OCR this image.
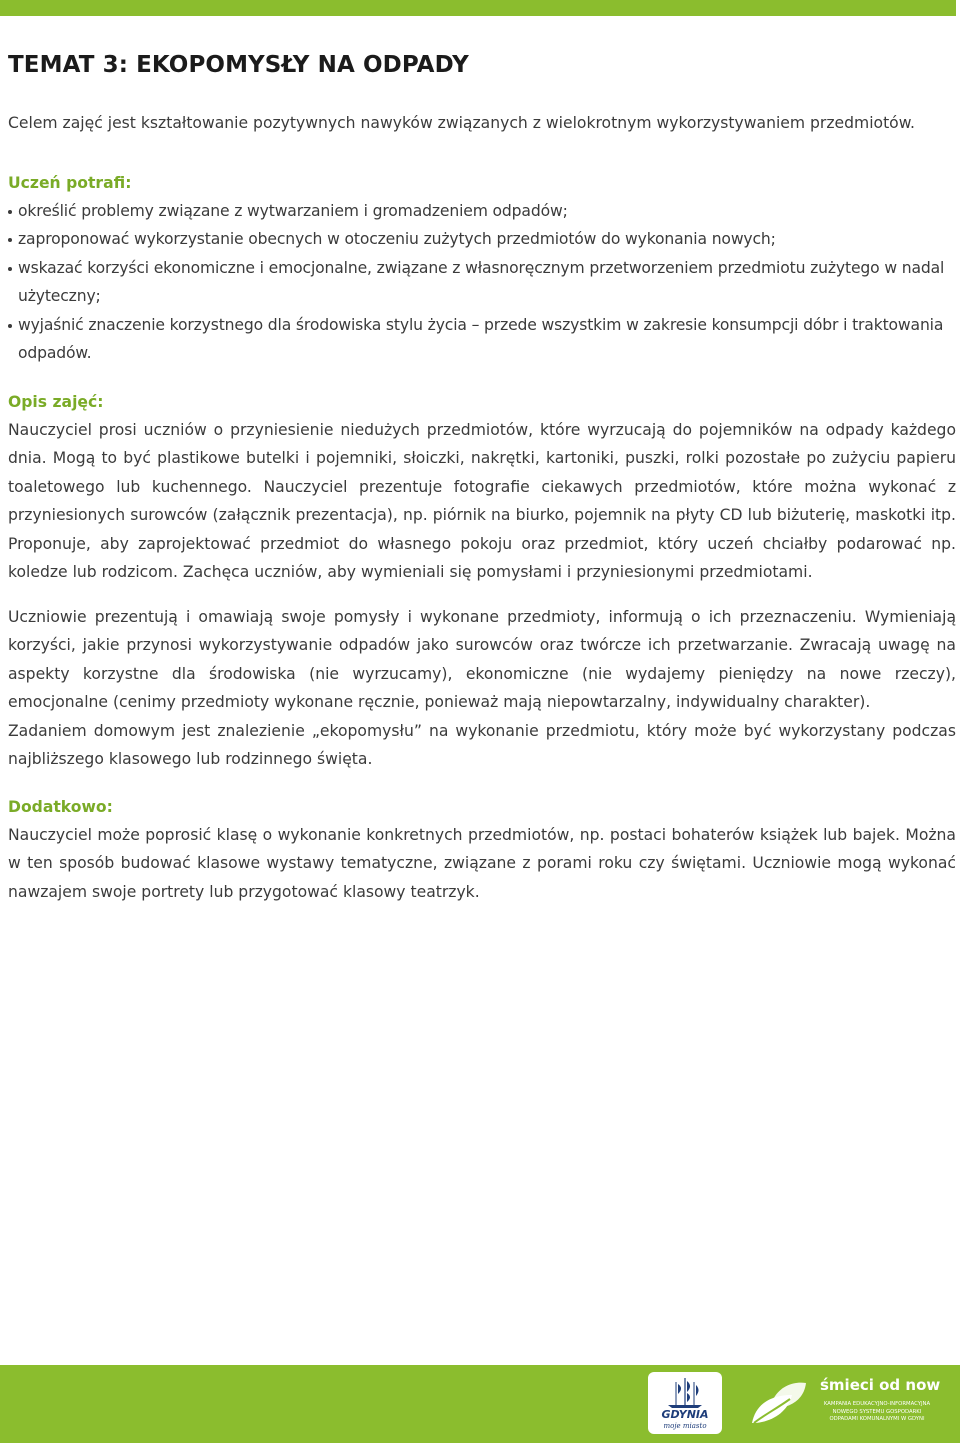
TEMAT 3: EKOPOMYSŁY NA ODPADY

Celem zajęć jest kształtowanie pozytywnych nawyków związanych z wielokrotnym wykorzystywaniem przedmiotów.

Uczeń potrafi:

określić problemy związane z wytwarzaniem i gromadzeniem odpadów;
zaproponować wykorzystanie obecnych w otoczeniu zużytych przedmiotów do wykonania nowych;
wskazać korzyści ekonomiczne i emocjonalne, związane z własnoręcznym przetworzeniem przedmiotu zużytego w nadal użyteczny;
wyjaśnić znaczenie korzystnego dla środowiska stylu życia – przede wszystkim w zakresie konsumpcji dóbr i traktowania odpadów.

Opis zajęć:

Nauczyciel prosi uczniów o przyniesienie niedużych przedmiotów, które wyrzucają do pojemników na odpady każdego dnia. Mogą to być plastikowe butelki i pojemniki, słoiczki, nakrętki, kartoniki, puszki, rolki pozostałe po zużyciu papieru toaletowego lub kuchennego. Nauczyciel prezentuje fotografie ciekawych przedmiotów, które można wykonać z przyniesionych surowców (załącznik prezentacja), np. piórnik na biurko, pojemnik na płyty CD lub biżuterię, maskotki itp. Proponuje, aby zaprojektować przedmiot do własnego pokoju oraz przedmiot, który uczeń chciałby podarować np. koledze lub rodzicom. Zachęca uczniów, aby wymieniali się pomysłami i przyniesionymi przedmiotami.

Uczniowie prezentują i omawiają swoje pomysły i wykonane przedmioty, informują o ich przeznaczeniu. Wymieniają korzyści, jakie przynosi wykorzystywanie odpadów jako surowców oraz twórcze ich przetwarzanie. Zwracają uwagę na aspekty korzystne dla środowiska (nie wyrzucamy), ekonomiczne (nie wydajemy pieniędzy na nowe rzeczy), emocjonalne (cenimy przedmioty wykonane ręcznie, ponieważ mają niepowtarzalny, indywidualny charakter).

Zadaniem domowym jest znalezienie „ekopomysłu” na wykonanie przedmiotu, który może być wykorzystany podczas najbliższego klasowego lub rodzinnego święta.

Dodatkowo:

Nauczyciel może poprosić klasę o wykonanie konkretnych przedmiotów, np. postaci bohaterów książek lub bajek. Można w ten sposób budować klasowe wystawy tematyczne, związane z porami roku czy świętami. Uczniowie mogą wykonać nawzajem swoje portrety lub przygotować klasowy teatrzyk.

GDYNIA
moje miasto
śmieci od now
KAMPANIA EDUKACYJNO-INFORMACYJNA NOWEGO SYSTEMU GOSPODARKI ODPADAMI KOMUNALNYMI W GDYNI
